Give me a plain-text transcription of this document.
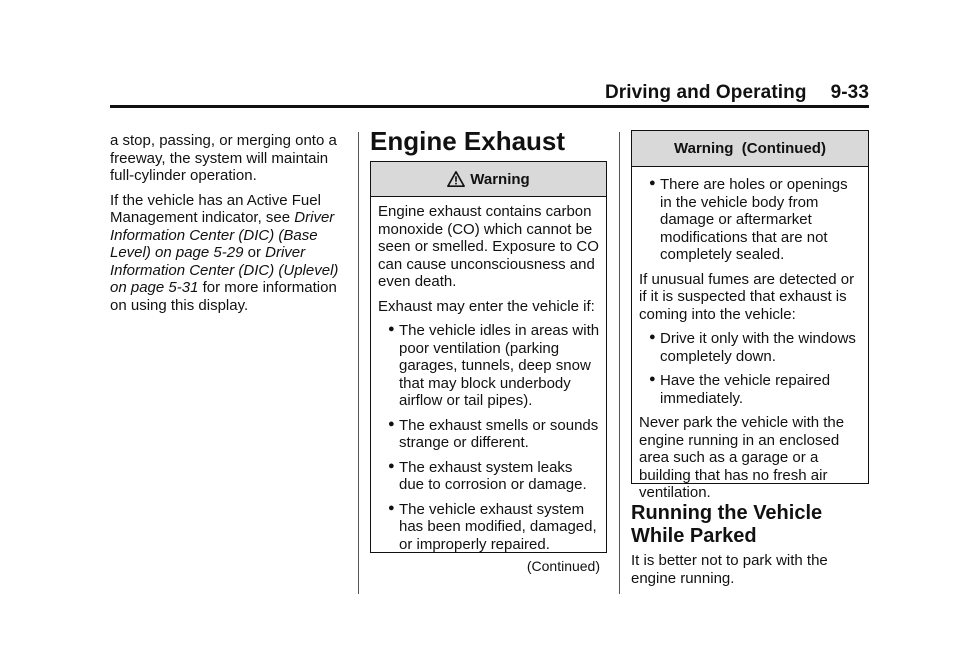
Driving and Operating 9-33

a stop, passing, or merging onto a freeway, the system will maintain full-cylinder operation.

If the vehicle has an Active Fuel Management indicator, see Driver Information Center (DIC) (Base Level) on page 5-29 or Driver Information Center (DIC) (Uplevel) on page 5-31 for more information on using this display.

Engine Exhaust
Warning

Engine exhaust contains carbon monoxide (CO) which cannot be seen or smelled. Exposure to CO can cause unconsciousness and even death.

Exhaust may enter the vehicle if:

● The vehicle idles in areas with poor ventilation (parking garages, tunnels, deep snow that may block underbody airflow or tail pipes).
● The exhaust smells or sounds strange or different.
● The exhaust system leaks due to corrosion or damage.
● The vehicle exhaust system has been modified, damaged, or improperly repaired.
(Continued)
Warning  (Continued)
● There are holes or openings in the vehicle body from damage or aftermarket modifications that are not completely sealed.

If unusual fumes are detected or if it is suspected that exhaust is coming into the vehicle:

● Drive it only with the windows completely down.
● Have the vehicle repaired immediately.

Never park the vehicle with the engine running in an enclosed area such as a garage or a building that has no fresh air ventilation.

Running the Vehicle
While Parked

It is better not to park with the engine running.
